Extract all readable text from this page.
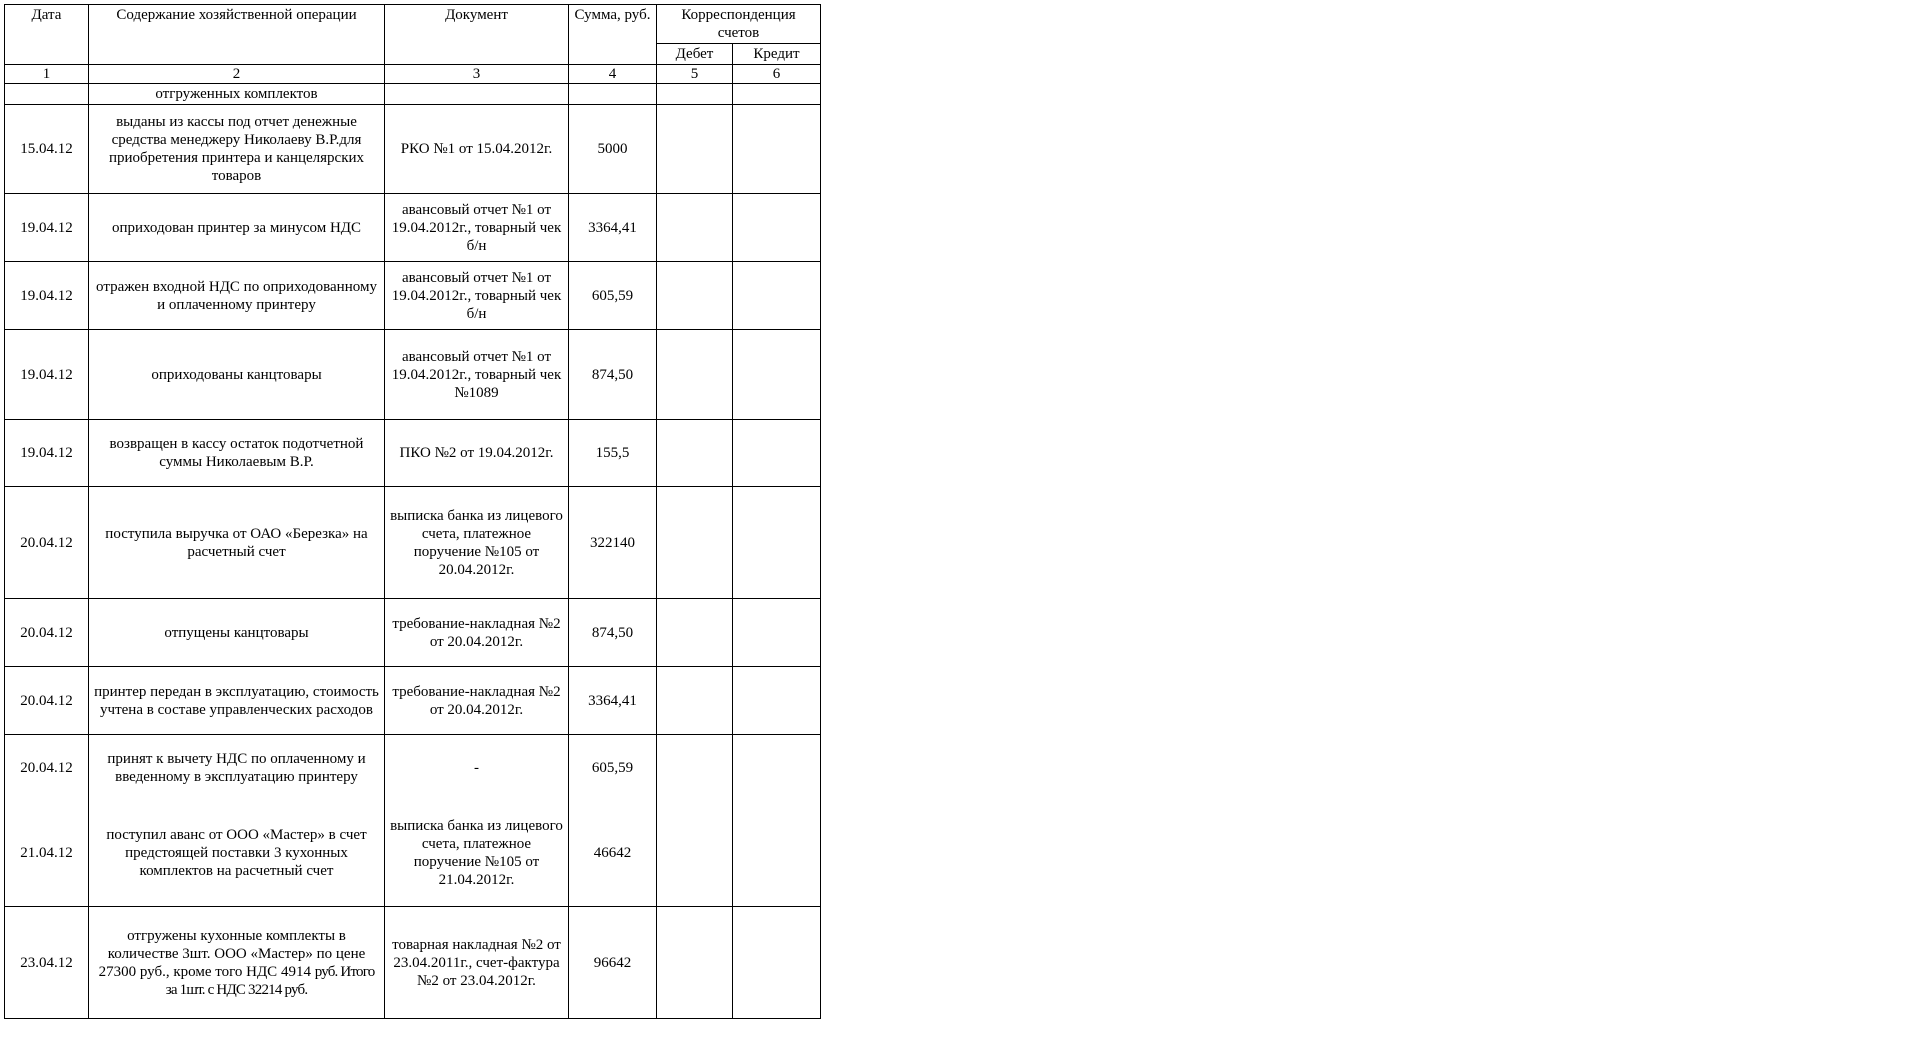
Дата	Содержание хозяйственной операции	Документ	Сумма, руб.	Корреспонденция счетов	
				Дебет	Кредит
1	2	3	4	5	6
	отгруженных комплектов				
15.04.12	выданы из кассы под отчет денежные средства менеджеру Николаеву В.Р.для приобретения принтера и канцелярских товаров	РКО №1 от 15.04.2012г.	5000		
19.04.12	оприходован принтер за минусом НДС	авансовый отчет №1 от 19.04.2012г., товарный чек б/н	3364,41		
19.04.12	отражен входной НДС по оприходованному и оплаченному принтеру	авансовый отчет №1 от 19.04.2012г., товарный чек б/н	605,59		
19.04.12	оприходованы канцтовары	авансовый отчет №1 от 19.04.2012г., товарный чек №1089	874,50		
19.04.12	возвращен в кассу остаток подотчетной суммы Николаевым В.Р.	ПКО №2 от 19.04.2012г.	155,5		
20.04.12	поступила выручка от ОАО «Березка» на расчетный счет	выписка банка из лицевого счета, платежное поручение №105 от 20.04.2012г.	322140		
20.04.12	отпущены канцтовары	требование-накладная №2 от 20.04.2012г.	874,50		
20.04.12	принтер передан в эксплуатацию, стоимость учтена в составе управленческих расходов	требование-накладная №2 от 20.04.2012г.	3364,41		
20.04.12	принят к вычету НДС по оплаченному и введенному в эксплуатацию принтеру	-	605,59		
21.04.12	поступил аванс от ООО «Мастер» в счет предстоящей поставки 3 кухонных комплектов на расчетный счет	выписка банка из лицевого счета, платежное поручение №105 от 21.04.2012г.	46642		
23.04.12	отгружены кухонные комплекты в количестве 3шт. ООО «Мастер» по цене 27300 руб., кроме того НДС 4914 руб. Итого за 1шт. с НДС 32214 руб.	товарная накладная №2 от 23.04.2011г., счет-фактура №2 от 23.04.2012г.	96642		
